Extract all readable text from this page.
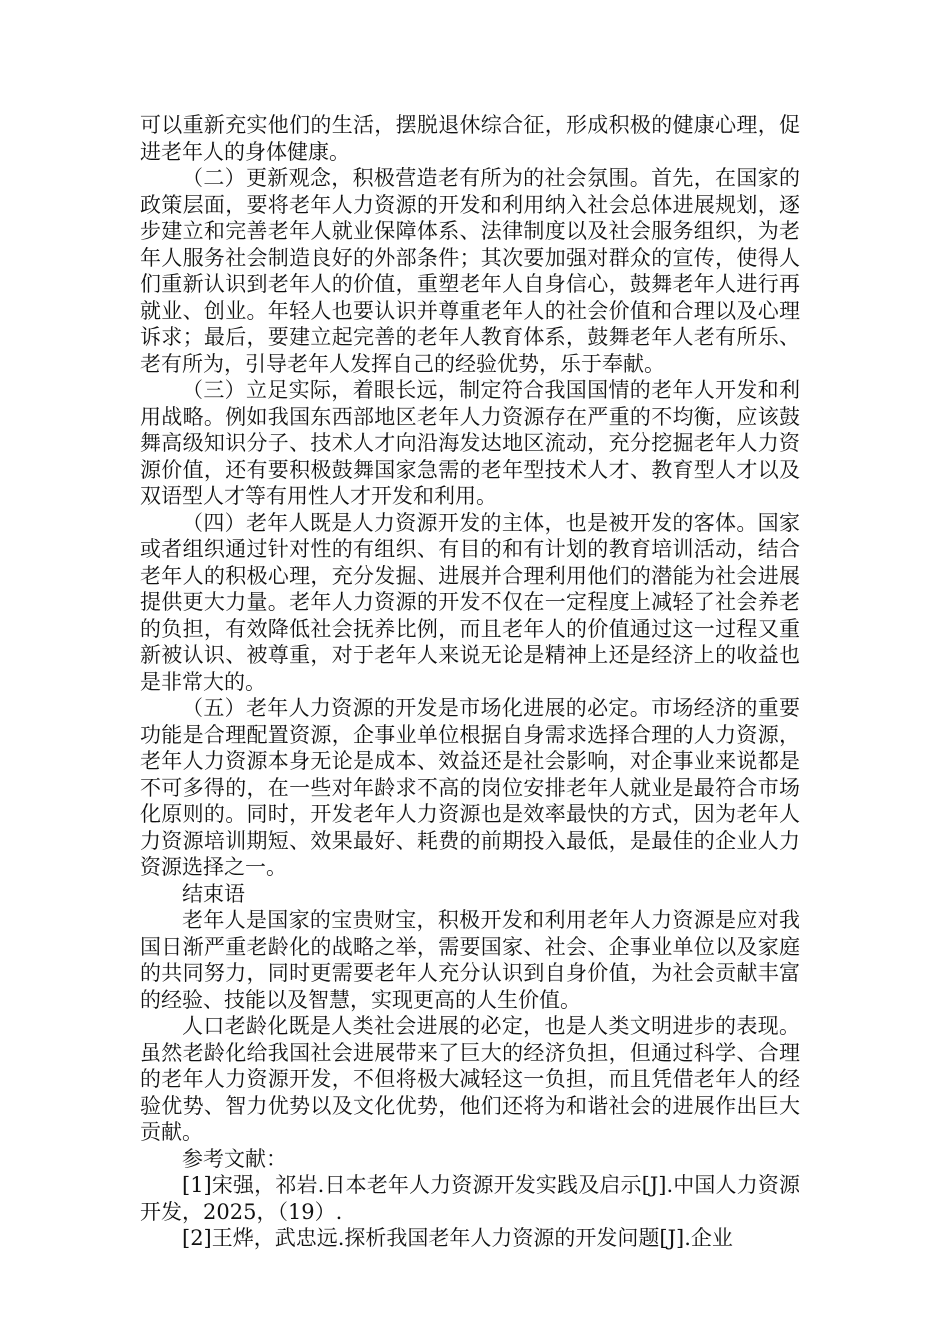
可以重新充实他们的生活，摆脱退休综合征，形成积极的健康心理，促进老年人的身体健康。

（二）更新观念，积极营造老有所为的社会氛围。首先，在国家的政策层面，要将老年人力资源的开发和利用纳入社会总体进展规划，逐步建立和完善老年人就业保障体系、法律制度以及社会服务组织，为老年人服务社会制造良好的外部条件；其次要加强对群众的宣传，使得人们重新认识到老年人的价值，重塑老年人自身信心，鼓舞老年人进行再就业、创业。年轻人也要认识并尊重老年人的社会价值和合理以及心理诉求；最后，要建立起完善的老年人教育体系，鼓舞老年人老有所乐、老有所为，引导老年人发挥自己的经验优势，乐于奉献。

（三）立足实际，着眼长远，制定符合我国国情的老年人开发和利用战略。例如我国东西部地区老年人力资源存在严重的不均衡，应该鼓舞高级知识分子、技术人才向沿海发达地区流动，充分挖掘老年人力资源价值，还有要积极鼓舞国家急需的老年型技术人才、教育型人才以及双语型人才等有用性人才开发和利用。

（四）老年人既是人力资源开发的主体，也是被开发的客体。国家或者组织通过针对性的有组织、有目的和有计划的教育培训活动，结合老年人的积极心理，充分发掘、进展并合理利用他们的潜能为社会进展提供更大力量。老年人力资源的开发不仅在一定程度上减轻了社会养老的负担，有效降低社会抚养比例，而且老年人的价值通过这一过程又重新被认识、被尊重，对于老年人来说无论是精神上还是经济上的收益也是非常大的。

（五）老年人力资源的开发是市场化进展的必定。市场经济的重要功能是合理配置资源，企事业单位根据自身需求选择合理的人力资源，老年人力资源本身无论是成本、效益还是社会影响，对企事业来说都是不可多得的，在一些对年龄求不高的岗位安排老年人就业是最符合市场化原则的。同时，开发老年人力资源也是效率最快的方式，因为老年人力资源培训期短、效果最好、耗费的前期投入最低，是最佳的企业人力资源选择之一。

结束语

老年人是国家的宝贵财宝，积极开发和利用老年人力资源是应对我国日渐严重老龄化的战略之举，需要国家、社会、企事业单位以及家庭的共同努力，同时更需要老年人充分认识到自身价值，为社会贡献丰富的经验、技能以及智慧，实现更高的人生价值。

人口老龄化既是人类社会进展的必定，也是人类文明进步的表现。虽然老龄化给我国社会进展带来了巨大的经济负担，但通过科学、合理的老年人力资源开发，不但将极大减轻这一负担，而且凭借老年人的经验优势、智力优势以及文化优势，他们还将为和谐社会的进展作出巨大贡献。

参考文献：

[1]宋强，祁岩.日本老年人力资源开发实践及启示[J].中国人力资源开发，2025，（19）.

[2]王烨，武忠远.探析我国老年人力资源的开发问题[J].企业
